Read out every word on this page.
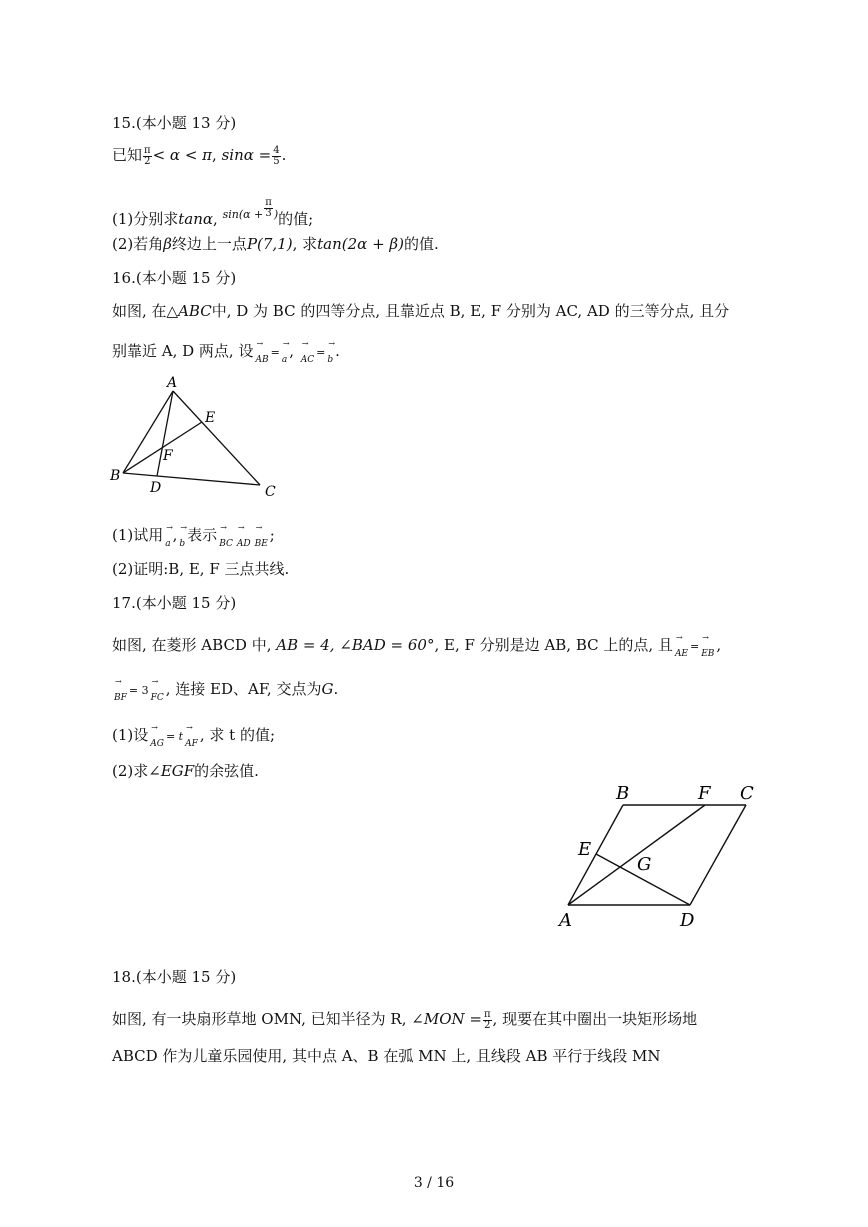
15.(本小题 13 分)
已知 $\frac{\pi}{2} < \alpha < \pi$, $\sin\alpha = \frac{4}{5}$ .
(1)分别求tanα, $^{sin(\alpha +} \frac{\pi}{3} ^)$的值;
(2)若角β终边上一点P(7,1), 求tan(2α + β)的值.
16.(本小题 15 分)
如图, 在△ABC中, D 为 BC 的四等分点, 且靠近点 B, E, F 分别为 AC, AD 的三等分点, 且分
别靠近 A, D 两点, 设 → AB=→ a , → AC=→ b .
A
B
C
D
E
F
(1)试用 → a , → b 表示 → BC → AD → BE ;
(2)证明:B, E, F 三点共线.
17.(本小题 15 分)
如图, 在菱形 ABCD 中, AB = 4, ∠BAD = 60°, E, F 分别是边 AB, BC 上的点, 且 → AE=→ EB ,
→ BF= 3→ FC , 连接 ED、AF, 交点为G.
(1)设 → AG= t→ AF , 求 t 的值;
(2)求∠EGF的余弦值.
B	F C
E
G
A	D
18.(本小题 15 分)
如图, 有一块扇形草地 OMN, 已知半径为 R, ∠MON = $\frac{\pi}{2}$ , 现要在其中圈出一块矩形场地
ABCD 作为儿童乐园使用, 其中点 A、B 在弧 MN 上, 且线段 AB 平行于线段 MN
3 / 16
